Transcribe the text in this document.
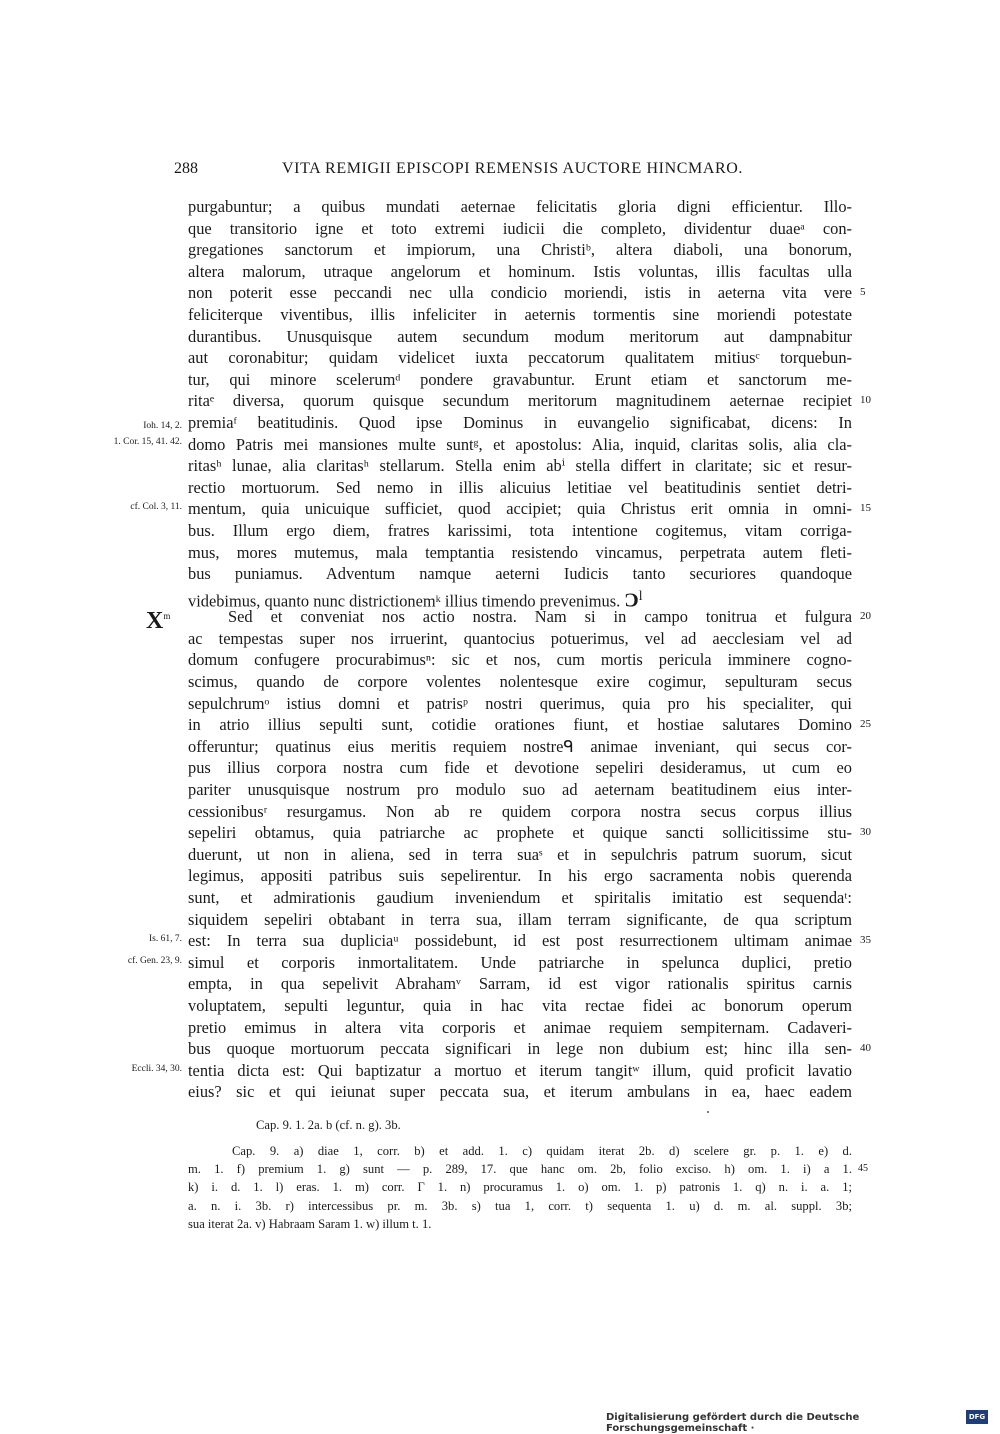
288	VITA REMIGII EPISCOPI REMENSIS AUCTORE HINCMARO.
purgabuntur; a quibus mundati aeternae felicitatis gloria digni efficientur. Illo-
que transitorio igne et toto extremi iudicii die completo, dividentur duaeᵃ con-
gregationes sanctorum et impiorum, una Christiᵇ, altera diaboli, una bonorum,
altera malorum, utraque angelorum et hominum. Istis voluntas, illis facultas ulla
non poterit esse peccandi nec ulla condicio moriendi, istis in aeterna vita vere
feliciterque viventibus, illis infeliciter in aeternis tormentis sine moriendi potestate
durantibus. Unusquisque autem secundum modum meritorum aut dampnabitur
aut coronabitur; quidam videlicet iuxta peccatorum qualitatem mitiusᶜ torquebun-
tur, qui minore scelerumᵈ pondere gravabuntur. Erunt etiam et sanctorum me-
ritaᵉ diversa, quorum quisque secundum meritorum magnitudinem aeternae recipiet
premiaᶠ beatitudinis. Quod ipse Dominus in euvangelio significabat, dicens: In
domo Patris mei mansiones multe suntᵍ, et apostolus: Alia, inquid, claritas solis, alia cla-
ritasʰ lunae, alia claritasʰ stellarum. Stella enim abⁱ stella differt in claritate; sic et resur-
rectio mortuorum. Sed nemo in illis alicuius letitiae vel beatitudinis sentiet detri-
mentum, quia unicuique sufficiet, quod accipiet; quia Christus erit omnia in omni-
bus. Illum ergo diem, fratres karissimi, tota intentione cogitemus, vitam corriga-
mus, mores mutemus, mala temptantia resistendo vincamus, perpetrata autem fleti-
bus puniamus. Adventum namque aeterni Iudicis tanto securiores quandoque
videbimus, quanto nunc districtionemᵏ illius timendo prevenimus. $Ɔ^l$
Sed et conveniat nos actio nostra. Nam si in campo tonitrua et fulgura
ac tempestas super nos irruerint, quantocius potuerimus, vel ad aecclesiam vel ad
domum confugere procurabimusⁿ: sic et nos, cum mortis pericula imminere cogno-
scimus, quando de corpore volentes nolentesque exire cogimur, sepulturam secus
sepulchrumᵒ istius domni et patrisᵖ nostri querimus, quia pro his specialiter, qui
in atrio illius sepulti sunt, cotidie orationes fiunt, et hostiae salutares Domino
offeruntur; quatinus eius meritis requiem nostreᑫ animae inveniant, qui secus cor-
pus illius corpora nostra cum fide et devotione sepeliri desideramus, ut cum eo
pariter unusquisque nostrum pro modulo suo ad aeternam beatitudinem eius inter-
cessionibusʳ resurgamus. Non ab re quidem corpora nostra secus corpus illius
sepeliri obtamus, quia patriarche ac prophete et quique sancti sollicitissime stu-
duerunt, ut non in aliena, sed in terra suaˢ et in sepulchris patrum suorum, sicut
legimus, appositi patribus suis sepelirentur. In his ergo sacramenta nobis querenda
sunt, et admirationis gaudium inveniendum et spiritalis imitatio est sequendaᵗ:
siquidem sepeliri obtabant in terra sua, illam terram significante, de qua scriptum
est: In terra sua dupliciaᵘ possidebunt, id est post resurrectionem ultimam animae
simul et corporis inmortalitatem. Unde patriarche in spelunca duplici, pretio
empta, in qua sepelivit Abrahamᵛ Sarram, id est vigor rationalis spiritus carnis
voluptatem, sepulti leguntur, quia in hac vita rectae fidei ac bonorum operum
pretio emimus in altera vita corporis et animae requiem sempiternam. Cadaveri-
bus quoque mortuorum peccata significari in lege non dubium est; hinc illa sen-
tentia dicta est: Qui baptizatur a mortuo et iterum tangitʷ illum, quid proficit lavatio
eius? sic et qui ieiunat super peccata sua, et iterum ambulans in ea, haec eadem
5
10
15
20
25
30
35
40
Ioh. 14, 2.
1. Cor. 15, 41. 42.
cf. Col. 3, 11.
Is. 61, 7.
cf. Gen. 23, 9.
Eccli. 34, 30.
$X^m$
Cap. 9. 1. 2a. b (cf. n. g). 3b.
Cap. 9. a) diae 1, corr. b) et add. 1. c) quidam iterat 2b. d) scelere gr. p. 1. e) d.
m. 1. f) premium 1. g) sunt — p. 289, 17. que hanc om. 2b, folio exciso. h) om. 1. i) a 1.
k) i. d. 1. l) eras. 1. m) corr. Γ 1. n) procuramus 1. o) om. 1. p) patronis 1. q) n. i. a. 1;
a. n. i. 3b. r) intercessibus pr. m. 3b. s) tua 1, corr. t) sequenta 1. u) d. m. al. suppl. 3b;
sua iterat 2a. v) Habraam Saram 1. w) illum t. 1.
45
Digitalisierung gefördert durch die Deutsche Forschungsgemeinschaft ·
DFG
